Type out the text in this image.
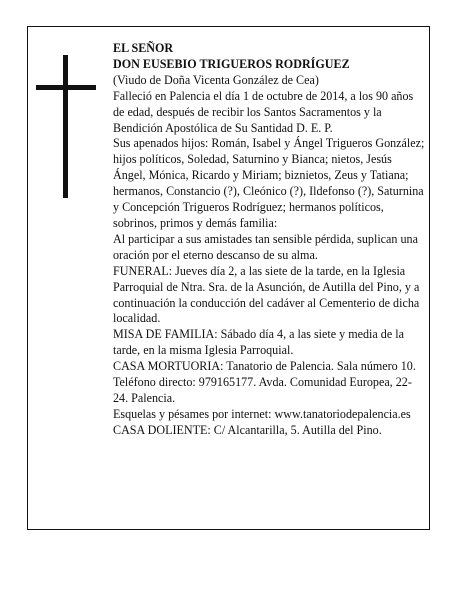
EL SEÑOR

DON EUSEBIO TRIGUEROS RODRÍGUEZ

(Viudo de Doña Vicenta González de Cea)

Falleció en Palencia el día 1 de octubre de 2014, a los 90 años de edad, después de recibir los Santos Sacramentos y la Bendición Apostólica de Su Santidad D. E. P.

Sus apenados hijos: Román, Isabel y Ángel Trigueros González; hijos políticos, Soledad, Saturnino y Bianca; nietos, Jesús Ángel, Mónica, Ricardo y Miriam; biznietos, Zeus y Tatiana; hermanos, Constancio (?), Cleónico (?), Ildefonso (?), Saturnina y Concepción Trigueros Rodríguez; hermanos políticos, sobrinos, primos y demás familia:

Al participar a sus amistades tan sensible pérdida, suplican una oración por el eterno descanso de su alma.

FUNERAL: Jueves día 2, a las siete de la tarde, en la Iglesia Parroquial de Ntra. Sra. de la Asunción, de Autilla del Pino, y a continuación la conducción del cadáver al Cementerio de dicha localidad.

MISA DE FAMILIA: Sábado día 4, a las siete y media de la tarde, en la misma Iglesia Parroquial.

CASA MORTUORIA: Tanatorio de Palencia. Sala número 10. Teléfono directo: 979165177. Avda. Comunidad Europea, 22-24. Palencia.

Esquelas y pésames por internet: www.tanatoriodepalencia.es

CASA DOLIENTE: C/ Alcantarilla, 5. Autilla del Pino.
